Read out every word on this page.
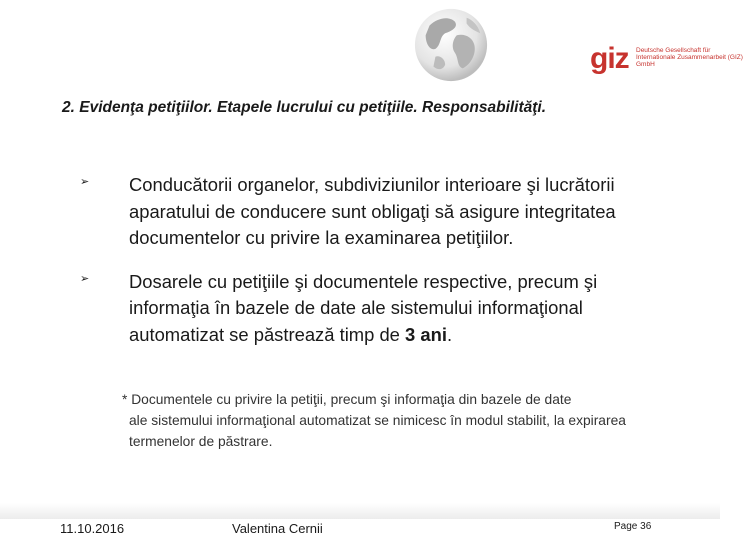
giz Deutsche Gesellschaft für Internationale Zusammenarbeit (GIZ) GmbH
2. Evidenţa petiţiilor. Etapele lucrului cu petiţiile. Responsabilităţi.
➢ Conducătorii organelor, subdiviziunilor interioare şi lucrătorii aparatului de conducere sunt obligaţi să asigure integritatea documentelor cu privire la examinarea petiţiilor.
➢ Dosarele cu petiţiile şi documentele respective, precum şi informaţia în bazele de date ale sistemului informaţional automatizat se păstrează timp de 3 ani.
* Documentele cu privire la petiţii, precum şi informaţia din bazele de date
ale sistemului informaţional automatizat se nimicesc în modul stabilit, la expirarea termenelor de păstrare.
11.10.2016	Valentina Cernii	Page 36
